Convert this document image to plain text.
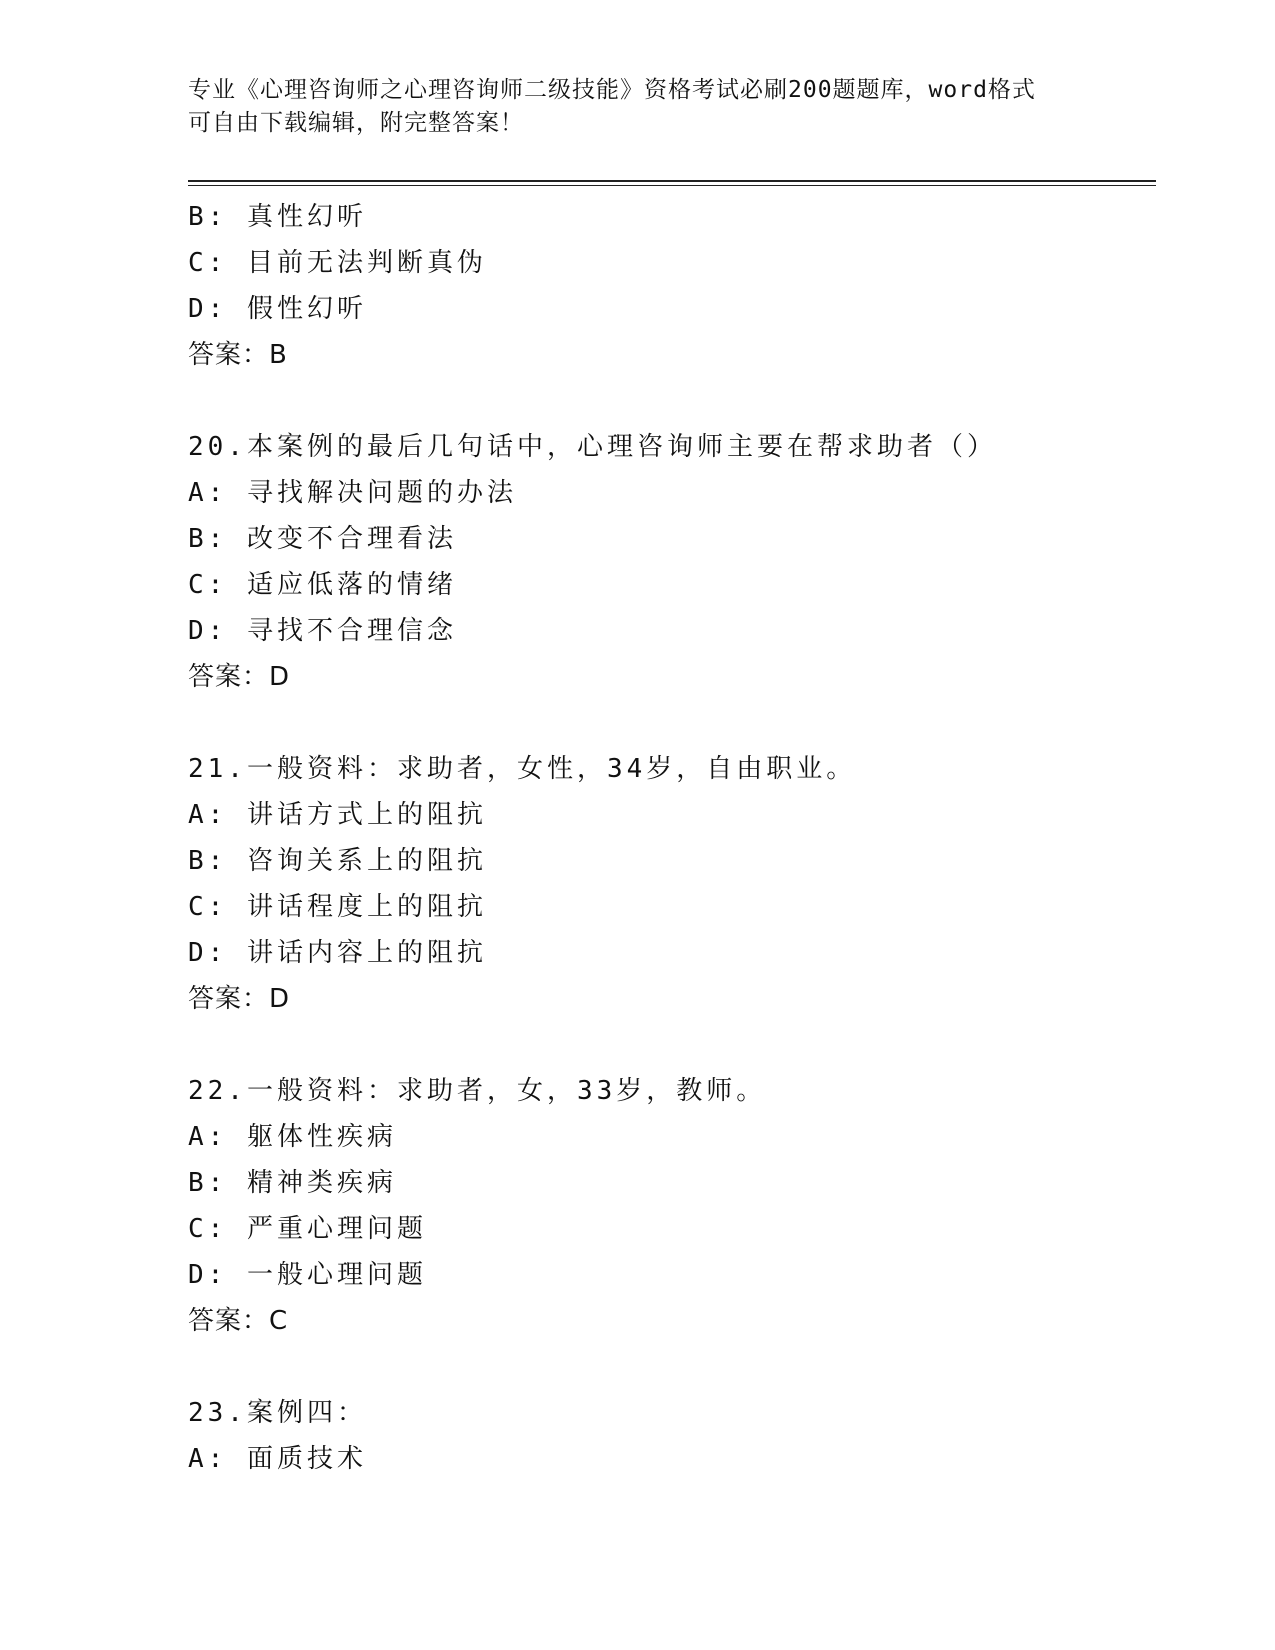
专业《心理咨询师之心理咨询师二级技能》资格考试必刷200题题库，word格式
可自由下载编辑，附完整答案！
B: 真性幻听
C: 目前无法判断真伪
D: 假性幻听
答案：B
20.本案例的最后几句话中，心理咨询师主要在帮求助者（）
A: 寻找解决问题的办法
B: 改变不合理看法
C: 适应低落的情绪
D: 寻找不合理信念
答案：D
21.一般资料：求助者，女性，34岁，自由职业。
A: 讲话方式上的阻抗
B: 咨询关系上的阻抗
C: 讲话程度上的阻抗
D: 讲话内容上的阻抗
答案：D
22.一般资料：求助者，女，33岁，教师。
A: 躯体性疾病
B: 精神类疾病
C: 严重心理问题
D: 一般心理问题
答案：C
23.案例四：
A: 面质技术
